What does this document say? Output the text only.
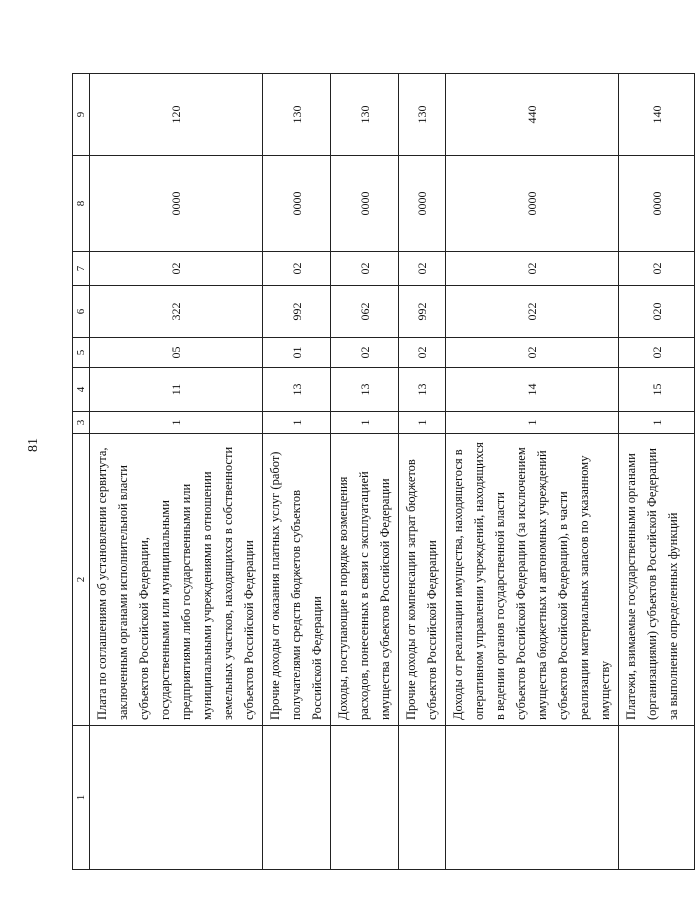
81
1	2	3	4	5	6	7	8	9
	Плата по соглашениям об установлении сервитута, заключенным органами исполнительной власти субъектов Российской Федерации, государственными или муниципальными предприятиями либо государственными или муниципальными учреждениями в отношении земельных участков, находящихся в собственности субъектов Российской Федерации	1	11	05	322	02	0000	120
	Прочие доходы от оказания платных услуг (работ) получателями средств бюджетов субъектов Российской Федерации	1	13	01	992	02	0000	130
	Доходы, поступающие в порядке возмещения расходов, понесенных в связи с эксплуатацией имущества субъектов Российской Федерации	1	13	02	062	02	0000	130
	Прочие доходы от компенсации затрат бюджетов субъектов Российской Федерации	1	13	02	992	02	0000	130
	Доходы от реализации имущества, находящегося в оперативном управлении учреждений, находящихся в ведении органов государственной власти субъектов Российской Федерации (за исключением имущества бюджетных и автономных учреждений субъектов Российской Федерации), в части реализации материальных запасов по указанному имуществу	1	14	02	022	02	0000	440
	Платежи, взимаемые государственными органами (организациями) субъектов Российской Федерации за выполнение определенных функций	1	15	02	020	02	0000	140
